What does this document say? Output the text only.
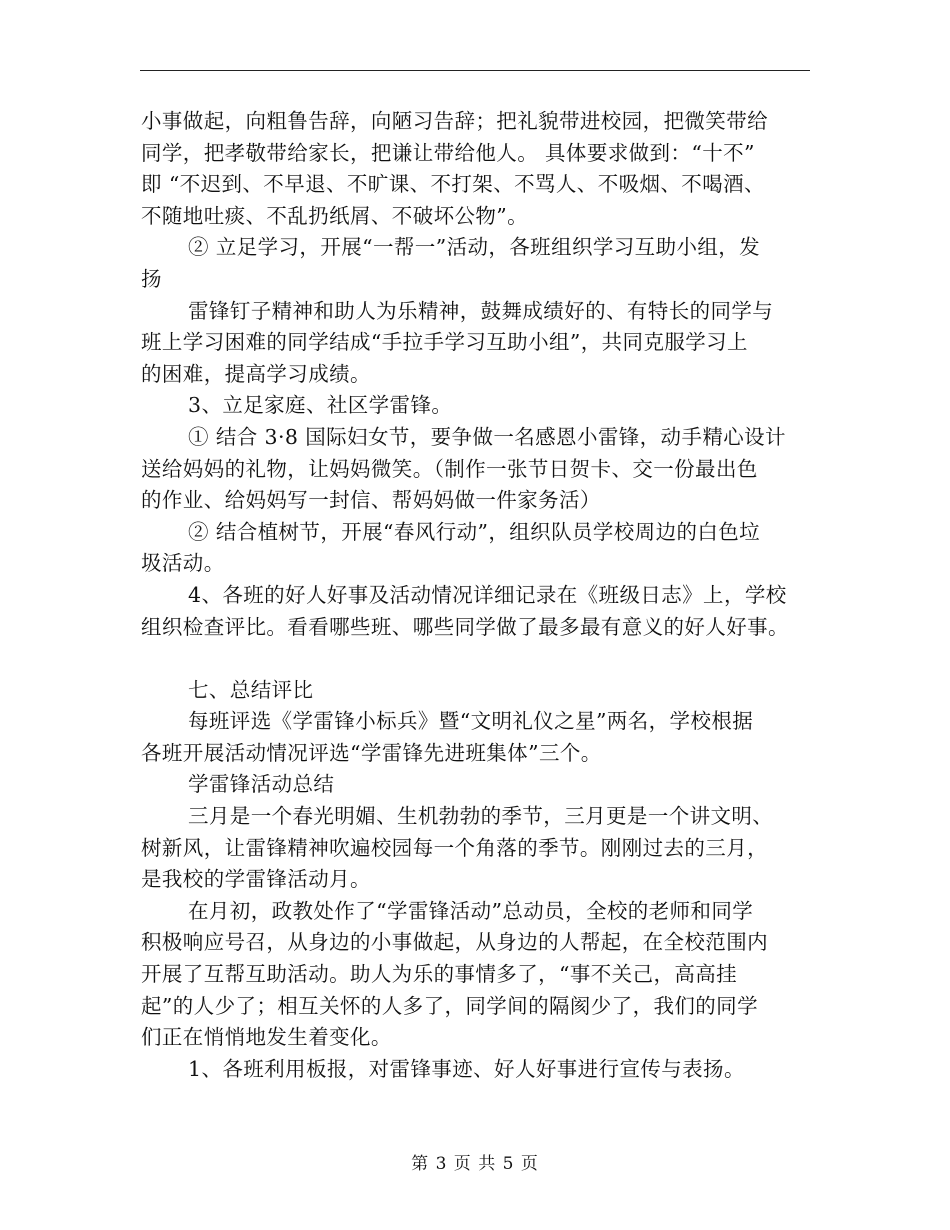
小事做起，向粗鲁告辞，向陋习告辞；把礼貌带进校园，把微笑带给
同学，把孝敬带给家长，把谦让带给他人。 具体要求做到：“十不”
即 “不迟到、不早退、不旷课、不打架、不骂人、不吸烟、不喝酒、
不随地吐痰、不乱扔纸屑、不破坏公物”。
② 立足学习，开展“一帮一”活动，各班组织学习互助小组，发
扬
雷锋钉子精神和助人为乐精神，鼓舞成绩好的、有特长的同学与
班上学习困难的同学结成“手拉手学习互助小组”，共同克服学习上
的困难，提高学习成绩。
3、立足家庭、社区学雷锋。
① 结合 3·8 国际妇女节，要争做一名感恩小雷锋，动手精心设计
送给妈妈的礼物，让妈妈微笑。（制作一张节日贺卡、交一份最出色
的作业、给妈妈写一封信、帮妈妈做一件家务活）
② 结合植树节，开展“春风行动”，组织队员学校周边的白色垃
圾活动。
4、各班的好人好事及活动情况详细记录在《班级日志》上，学校
组织检查评比。看看哪些班、哪些同学做了最多最有意义的好人好事。
七、总结评比
每班评选《学雷锋小标兵》暨“文明礼仪之星”两名，学校根据
各班开展活动情况评选“学雷锋先进班集体”三个。
学雷锋活动总结
三月是一个春光明媚、生机勃勃的季节，三月更是一个讲文明、
树新风，让雷锋精神吹遍校园每一个角落的季节。刚刚过去的三月，
是我校的学雷锋活动月。
在月初，政教处作了“学雷锋活动”总动员，全校的老师和同学
积极响应号召，从身边的小事做起，从身边的人帮起，在全校范围内
开展了互帮互助活动。助人为乐的事情多了，“事不关己，高高挂
起”的人少了；相互关怀的人多了，同学间的隔阂少了，我们的同学
们正在悄悄地发生着变化。
1、各班利用板报，对雷锋事迹、好人好事进行宣传与表扬。
第 3 页 共 5 页
